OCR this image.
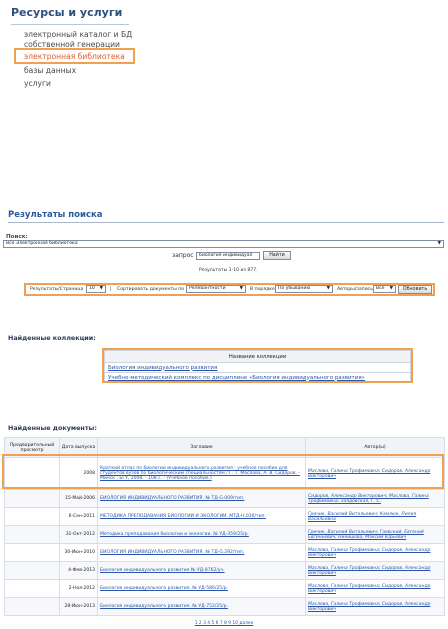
Ресурсы и услуги
электронный каталог и БД собственной генерации
электронная библиотека
базы данных
услуги
Результаты поиска
Поиск:
Все Электронная библиотека	▼
запрос	биология индивидуал	Найти
Результаты 1-10 из 877.
Результаты/Страница	10 ▼ | Сортировать документы по	Релевантности	▼ В порядке По убыванию	▼ Авторы/запись Все ▼	Обновить
Найденные коллекции:
Название коллекции
Биология индивидуального развития
Учебно-методический комплекс по дисциплине «Биология индивидуального развития»
Найденные документы:
Предварительный просмотр	Дата выпуска	Заглавие	Автор(ы)
	2008	Краткий атлас по биологии индивидуального развития : учебное пособие для студентов вузов по биологическим специальностям / Г. Т. Маслова, А. В. Сидоров. - Минск : БГУ, 2008. - 108 с. - (Учебное пособие.)	Маслова, Галина Трофимовна; Сидоров, Александр Викторович
	15-Май-2006	БИОЛОГИЯ ИНДИВИДУАЛЬНОГО РАЗВИТИЯ. № ТД-G.009/тип.	Сидоров, Александр Викторович; Маслова, Галина Трофимовна; Заядовская, Г. С.
	6-Сен-2011	МЕТОДИКА ПРЕПОДАВАНИЯ БИОЛОГИИ И ЭКОЛОГИИ. МТД-Н.030/тип.	Гричик, Василий Витальевич; Камлюк, Лилия Васильевна
	31-Окт-2012	Методика преподавания биологии и экологии. № УД-359/25/р.	Гричик, Василий Витальевич; Гаевский, Евгений Евгеньевич; Никишова, Максим Юрьевич
	30-Июн-2010	БИОЛОГИЯ ИНДИВИДУАЛЬНОГО РАЗВИТИЯ. № ТД-G.292/тип.	Маслова, Галина Трофимовна; Сидоров, Александр Викторович
	4-Фев-2013	Биология индивидуального развития № УД-8762/уч.	Маслова, Галина Трофимовна; Сидоров, Александр Викторович
	2-Ноя-2012	Биология индивидуального развития. № УД-586/25/р.	Маслова, Галина Трофимовна; Сидоров, Александр Викторович
	28-Июн-2013	Биология индивидуального развития. № УД-752/25/р.	Маслова, Галина Трофимовна; Сидоров, Александр Викторович
1 2 3 4 5 6 7 8 9 10 далее
